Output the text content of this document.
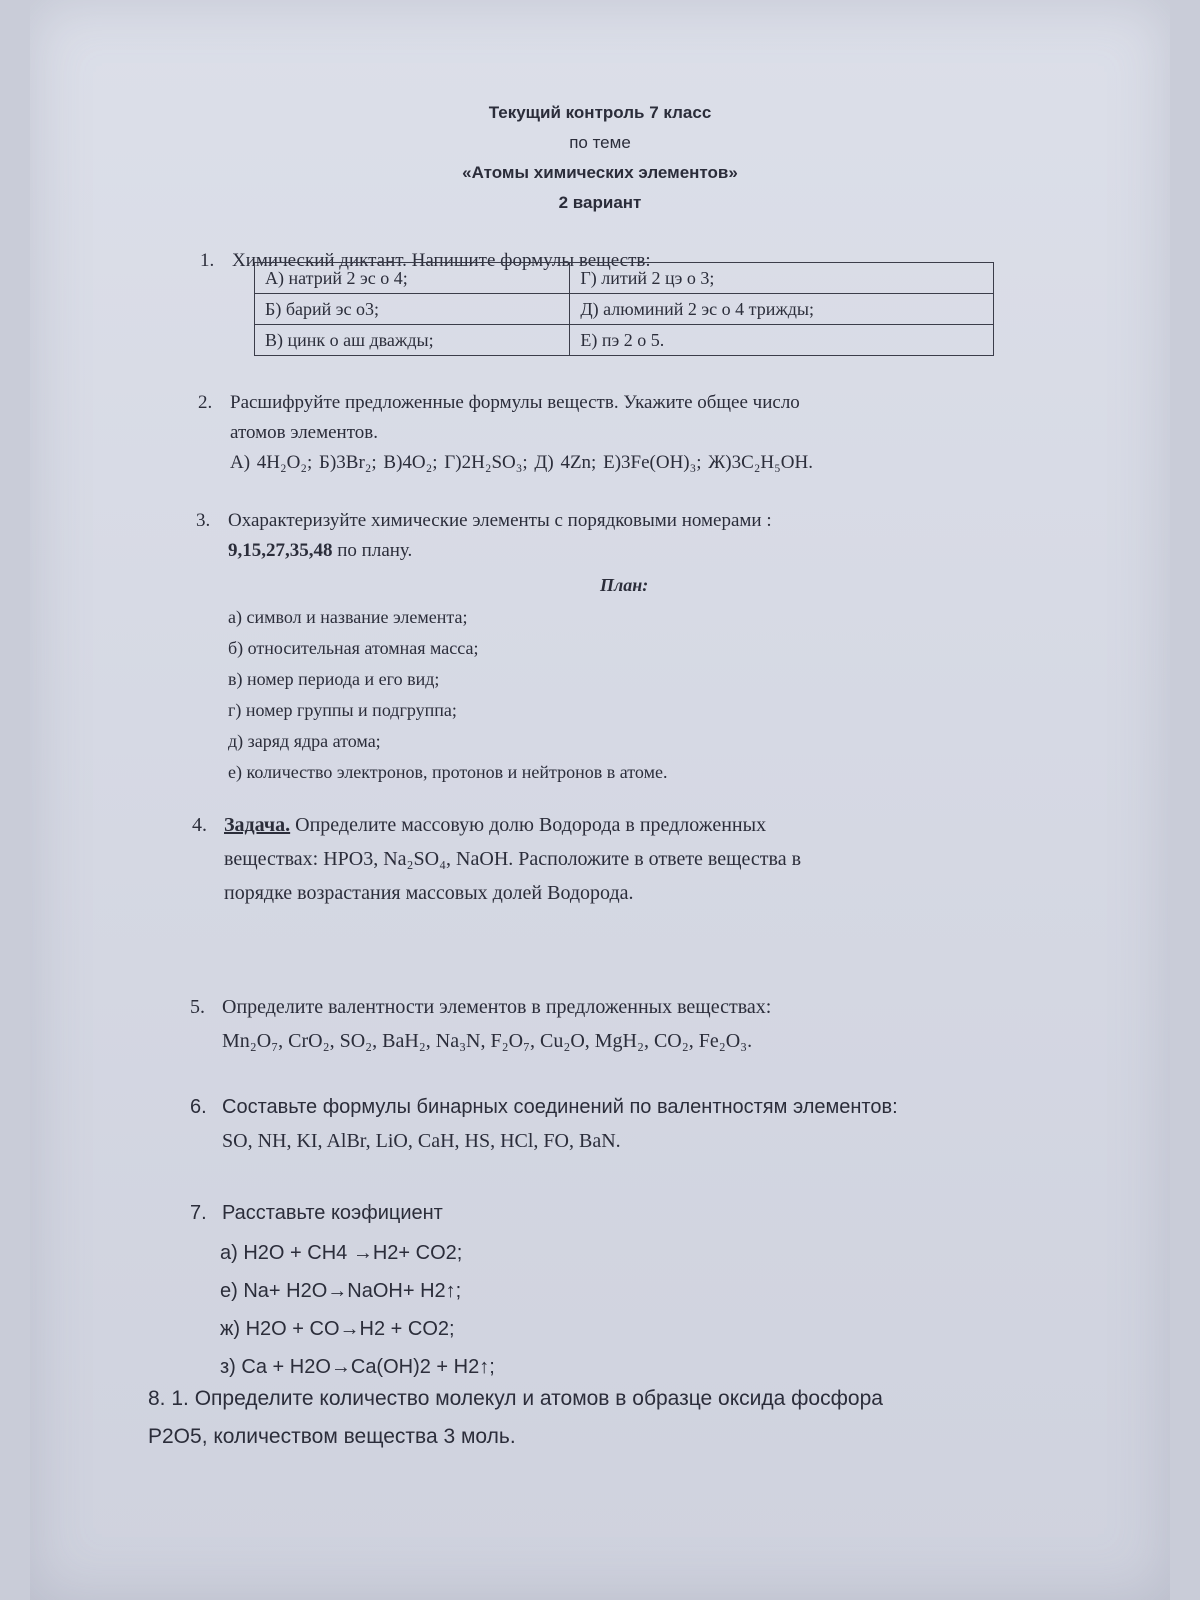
Текущий контроль 7 класс
по теме
«Атомы химических элементов»
2 вариант
1. Химический диктант. Напишите формулы веществ:
А) натрий 2 эс о 4;	Г) литий 2 цэ о 3;
Б) барий эс о3;	Д) алюминий 2 эс о 4 трижды;
В) цинк о аш дважды;	Е) пэ 2 о 5.
2. Расшифруйте предложенные формулы веществ. Укажите общее число
атомов элементов.
А) 4H₂O₂; Б)3Br₂; В)4O₂; Г)2H₂SO₃; Д) 4Zn; Е)3Fe(OH)₃; Ж)3C₂H₅OH.
3. Охарактеризуйте химические элементы с порядковыми номерами :
9,15,27,35,48 по плану.
План:
а) символ и название элемента;
б) относительная атомная масса;
в) номер периода и его вид;
г) номер группы и подгруппа;
д) заряд ядра атома;
е) количество электронов, протонов и нейтронов в атоме.
4. Задача. Определите массовую долю Водорода в предложенных
веществах: HPO3, Na₂SO₄, NaOH. Расположите в ответе вещества в
порядке возрастания массовых долей Водорода.
5. Определите валентности элементов в предложенных веществах:
Mn₂O₇, CrO₂, SO₂, BaH₂, Na₃N, F₂O₇, Cu₂O, MgH₂, CO₂, Fe₂O₃.
6. Составьте формулы бинарных соединений по валентностям элементов:
SO, NH, KI, AlBr, LiO, CaH, HS, HCl, FO, BaN.
7. Расставьте коэфициент
а) H2O + CH4 →H2+ CO2;
е) Na+ H2O→NaOH+ H2↑;
ж) H2O + CO→H2 + CO2;
з) Ca + H2O→Ca(OH)2 + H2↑;
8. 1. Определите количество молекул и атомов в образце оксида фосфора
P2O5, количеством вещества 3 моль.
